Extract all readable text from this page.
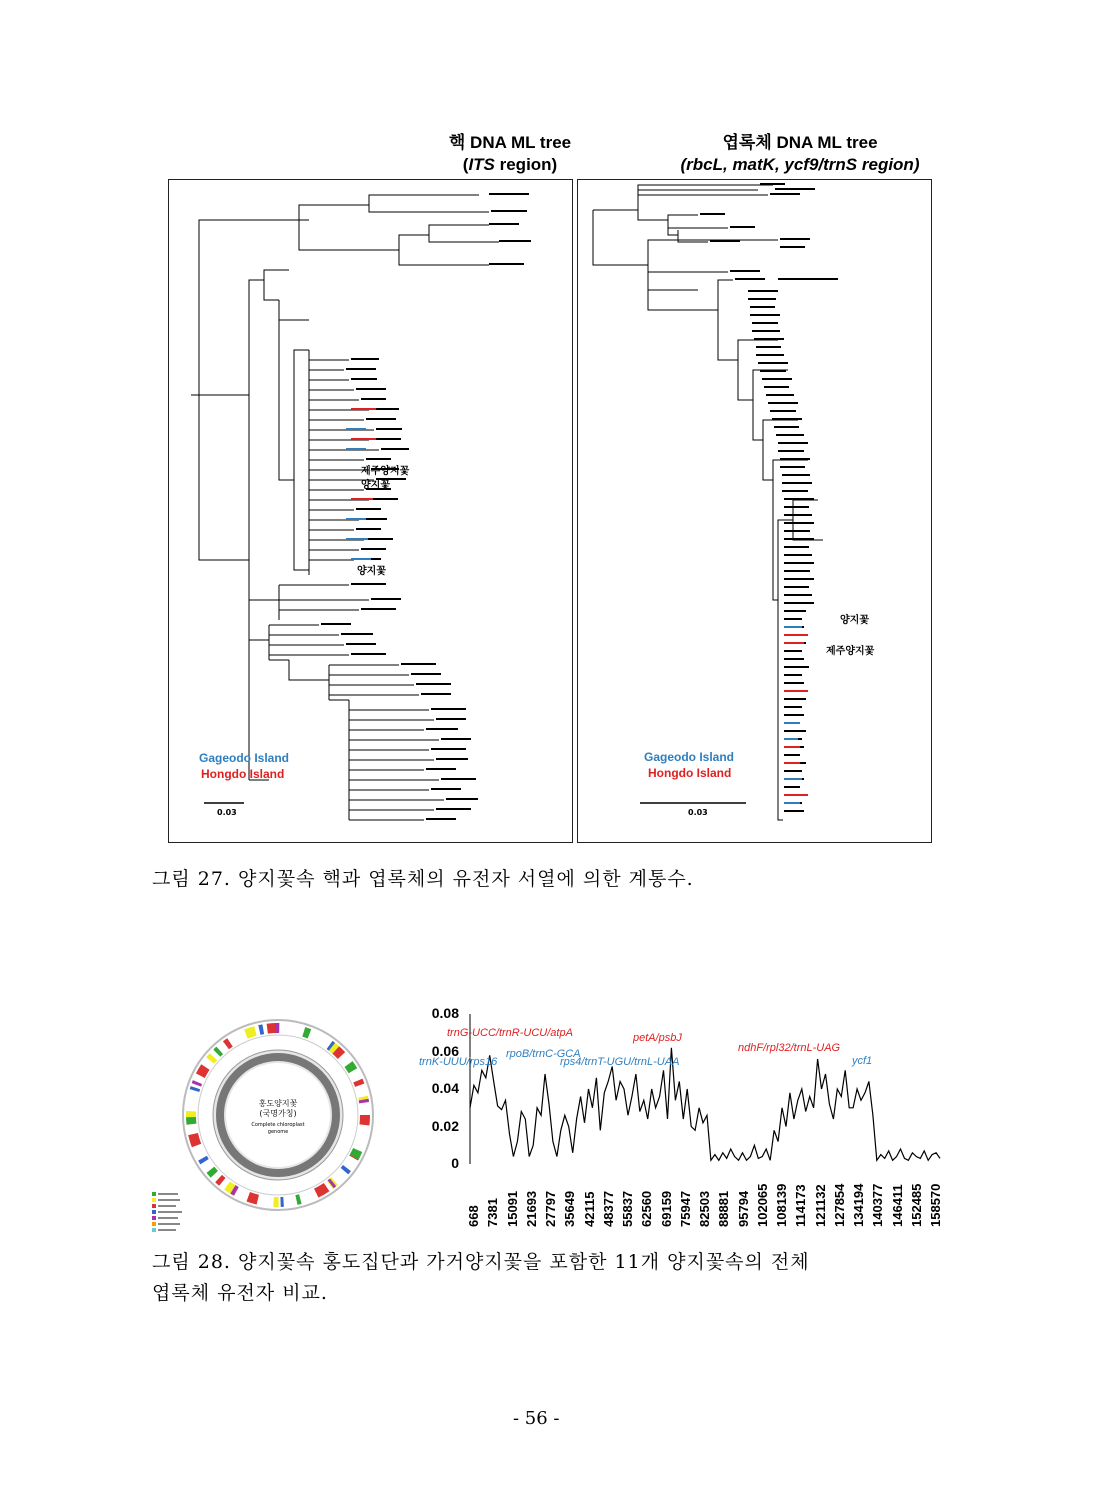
핵 DNA ML tree
(ITS region)
엽록체 DNA ML tree
(rbcL, matK, ycf9/trnS region)
제주양지꽃
양지꽃
양지꽃
Gageodo Island
Hongdo Island
0.03
양지꽃
제주양지꽃
Gageodo Island
Hongdo Island
0.03
그림 27. 양지꽃속 핵과 엽록체의 유전자 서열에 의한 계통수.
홍도양지꽃
(국명가칭)
Complete chloroplast
genome
0.08
0.06
0.04
0.02
0
668 7381 15091 21693 27797 35649 42115 48377 55837 62560 69159 75947 82503 88881 95794 102065 108139 114173 121132 127854 134194 140377 146411 152485 158570
trnG-UCC/trnR-UCU/atpA
trnK-UUU/rps16
rpoB/trnC-GCA
petA/psbJ
rps4/trnT-UGU/trnL-UAA
ndhF/rpl32/trnL-UAG
ycf1
그림 28. 양지꽃속 홍도집단과 가거양지꽃을 포함한 11개 양지꽃속의 전체
엽록체 유전자 비교.
- 56 -
